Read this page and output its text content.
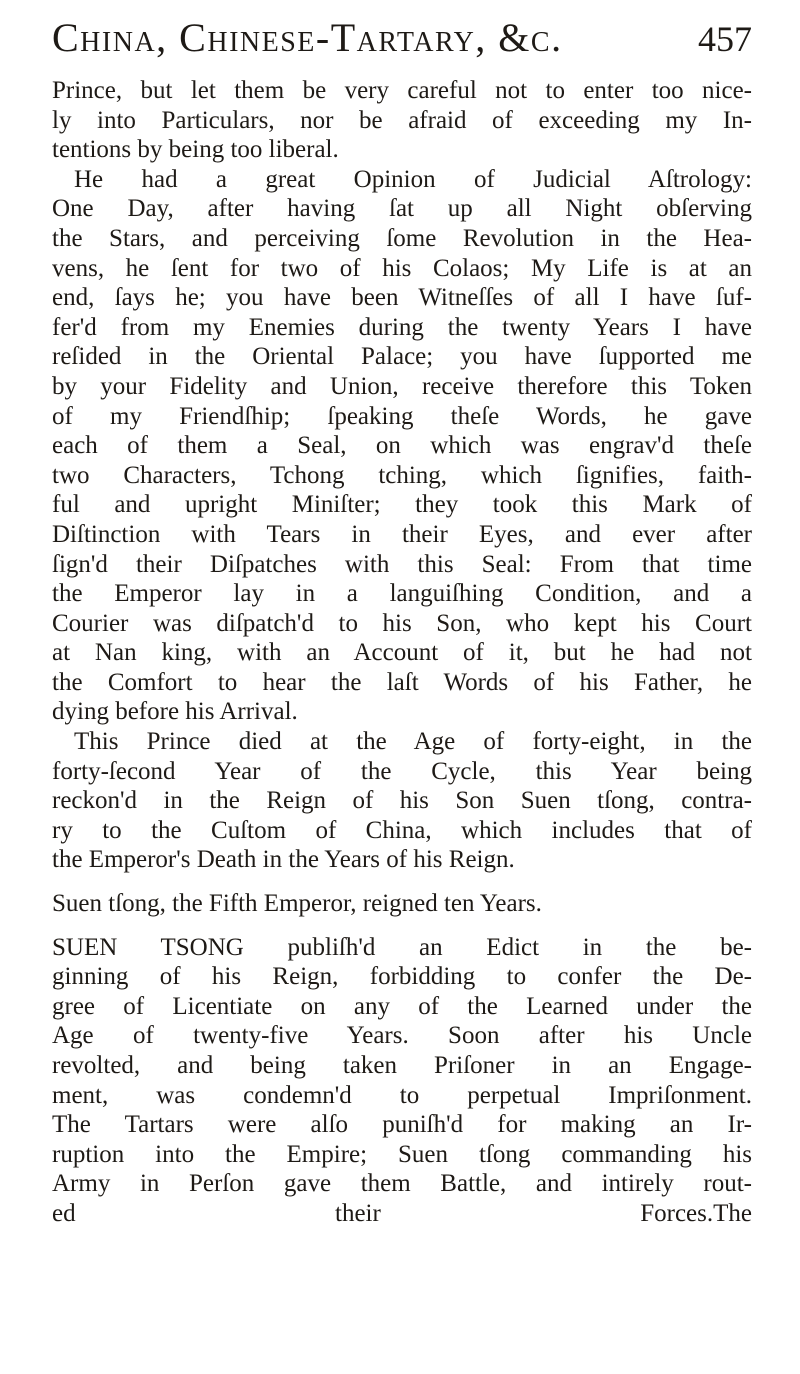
China, Chinese-Tartary, &c.	457
Prince, but let them be very careful not to enter too nice-
ly into Particulars, nor be afraid of exceeding my In-
tentions by being too liberal.
He had a great Opinion of Judicial Aſtrology:
One Day, after having ſat up all Night obſerving
the Stars, and perceiving ſome Revolution in the Hea-
vens, he ſent for two of his Colaos; My Life is at an
end, ſays he; you have been Witneſſes of all I have ſuf-
fer'd from my Enemies during the twenty Years I have
reſided in the Oriental Palace; you have ſupported me
by your Fidelity and Union, receive therefore this Token
of my Friendſhip; ſpeaking theſe Words, he gave
each of them a Seal, on which was engrav'd theſe
two Characters, Tchong tching, which ſignifies, faith-
ful and upright Miniſter; they took this Mark of
Diſtinction with Tears in their Eyes, and ever after
ſign'd their Diſpatches with this Seal: From that time
the Emperor lay in a languiſhing Condition, and a
Courier was diſpatch'd to his Son, who kept his Court
at Nan king, with an Account of it, but he had not
the Comfort to hear the laſt Words of his Father, he
dying before his Arrival.
This Prince died at the Age of forty-eight, in the
forty-ſecond Year of the Cycle, this Year being
reckon'd in the Reign of his Son Suen tſong, contra-
ry to the Cuſtom of China, which includes that of
the Emperor's Death in the Years of his Reign.
Suen tſong, the Fifth Emperor, reigned ten Years.
SUEN TSONG publiſh'd an Edict in the be-
ginning of his Reign, forbidding to confer the De-
gree of Licentiate on any of the Learned under the
Age of twenty-five Years. Soon after his Uncle
revolted, and being taken Priſoner in an Engage-
ment, was condemn'd to perpetual Impriſonment.
The Tartars were alſo puniſh'd for making an Ir-
ruption into the Empire; Suen tſong commanding his
Army in Perſon gave them Battle, and intirely rout-
ed their Forces. The
